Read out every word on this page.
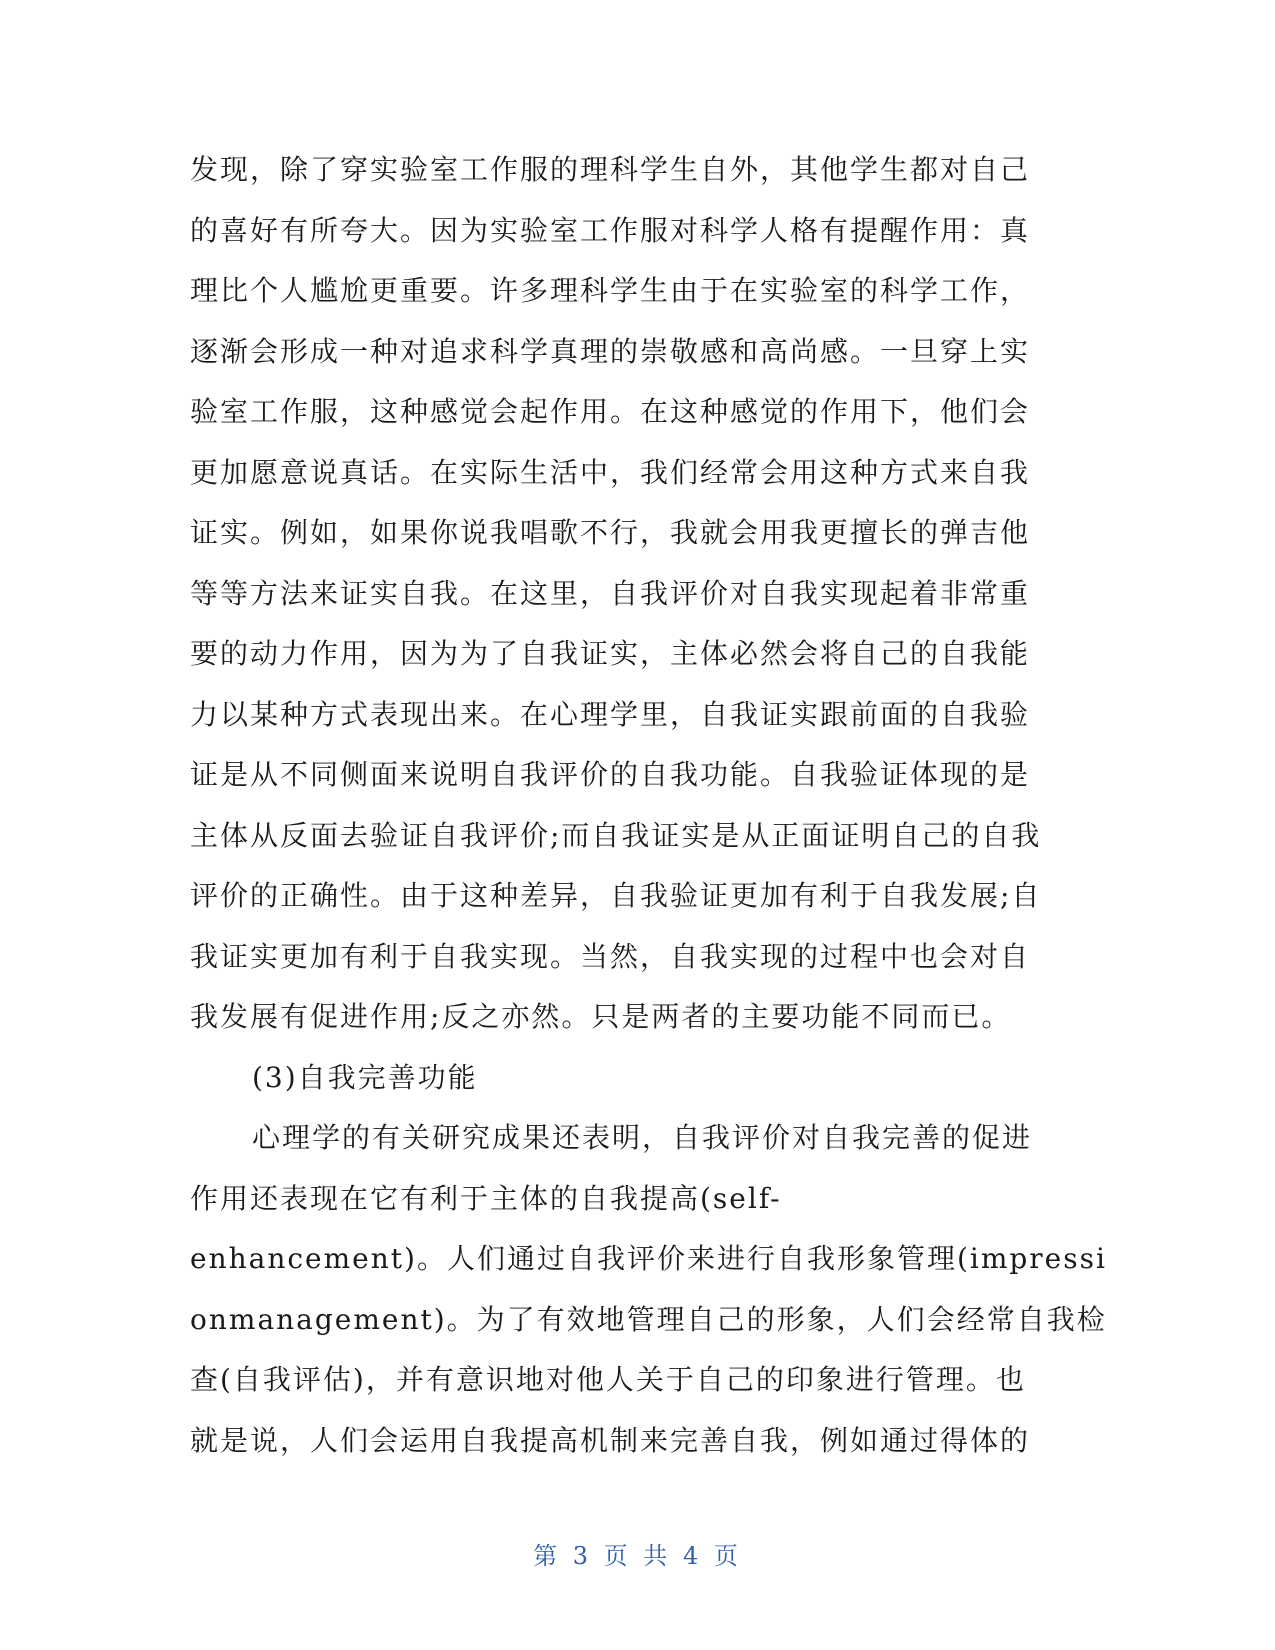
发现，除了穿实验室工作服的理科学生自外，其他学生都对自己
的喜好有所夸大。因为实验室工作服对科学人格有提醒作用：真
理比个人尴尬更重要。许多理科学生由于在实验室的科学工作，
逐渐会形成一种对追求科学真理的崇敬感和高尚感。一旦穿上实
验室工作服，这种感觉会起作用。在这种感觉的作用下，他们会
更加愿意说真话。在实际生活中，我们经常会用这种方式来自我
证实。例如，如果你说我唱歌不行，我就会用我更擅长的弹吉他
等等方法来证实自我。在这里，自我评价对自我实现起着非常重
要的动力作用，因为为了自我证实，主体必然会将自己的自我能
力以某种方式表现出来。在心理学里，自我证实跟前面的自我验
证是从不同侧面来说明自我评价的自我功能。自我验证体现的是
主体从反面去验证自我评价;而自我证实是从正面证明自己的自我
评价的正确性。由于这种差异，自我验证更加有利于自我发展;自
我证实更加有利于自我实现。当然，自我实现的过程中也会对自
我发展有促进作用;反之亦然。只是两者的主要功能不同而已。
(3)自我完善功能
心理学的有关研究成果还表明，自我评价对自我完善的促进
作用还表现在它有利于主体的自我提高(self-
enhancement)。人们通过自我评价来进行自我形象管理(impressi
onmanagement)。为了有效地管理自己的形象，人们会经常自我检
查(自我评估)，并有意识地对他人关于自己的印象进行管理。也
就是说，人们会运用自我提高机制来完善自我，例如通过得体的
第 3 页 共 4 页
